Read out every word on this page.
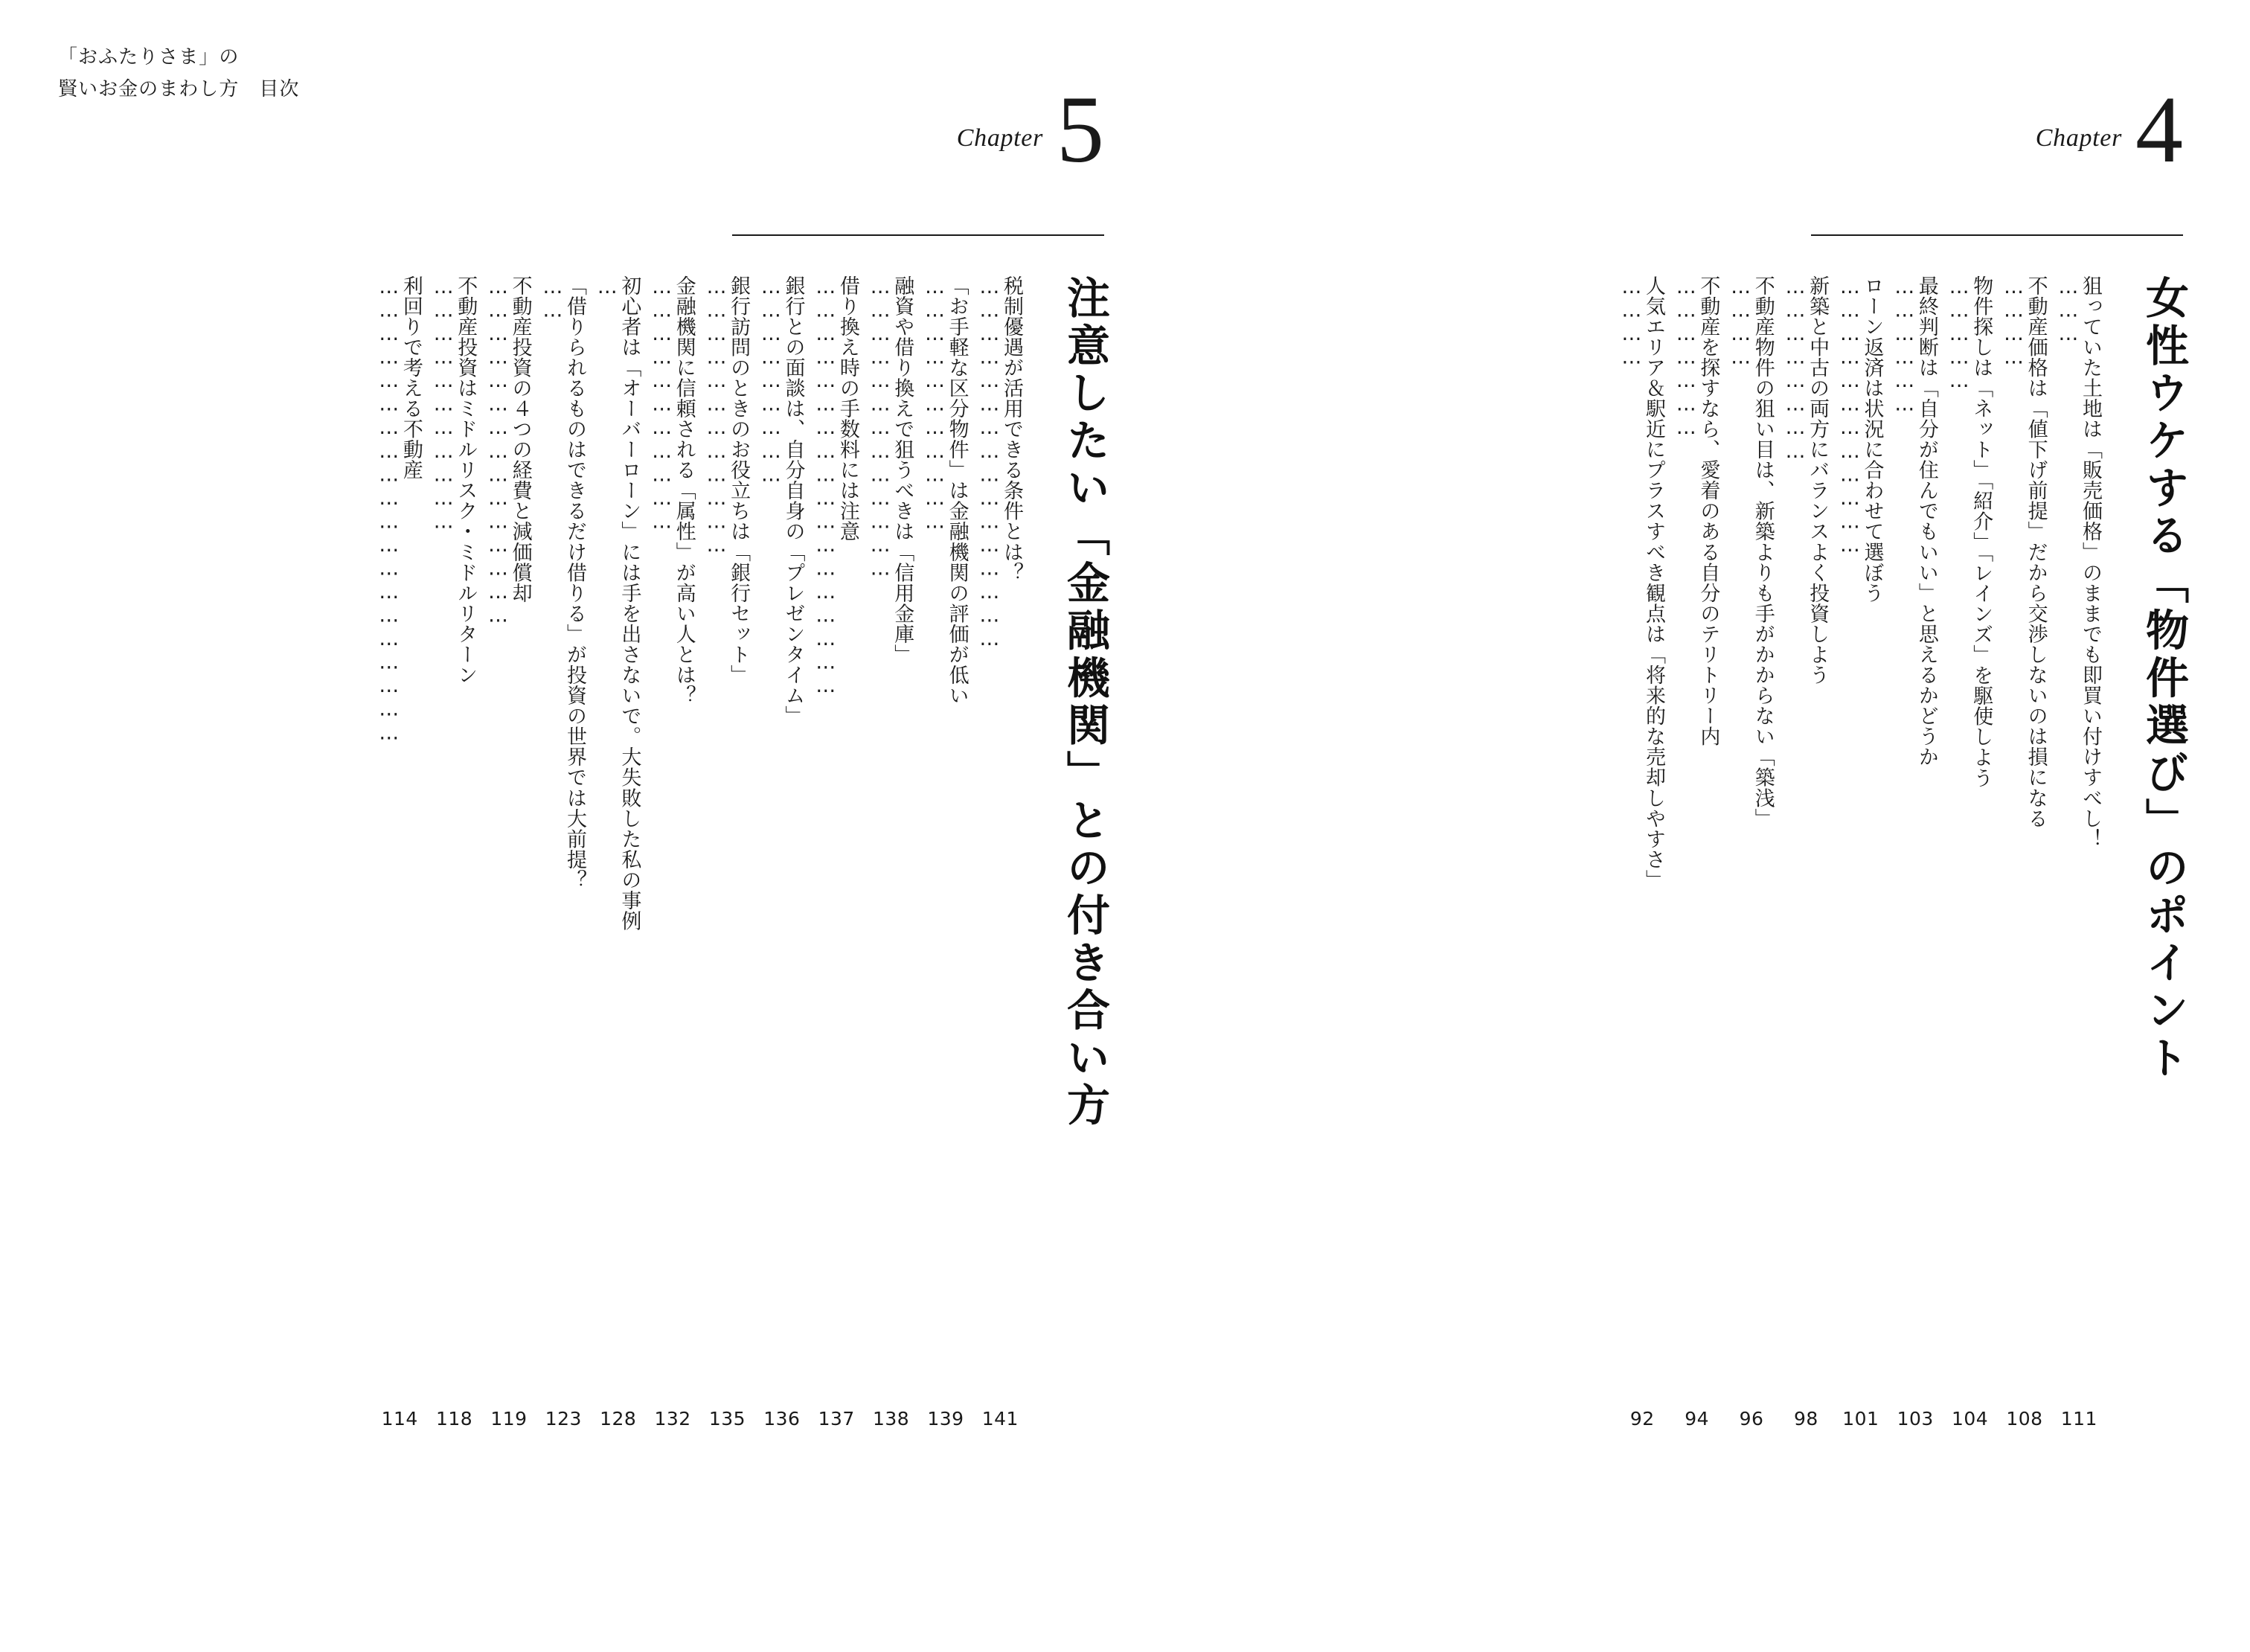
「おふたりさま」の
賢いお金のまわし方　目次
Chapter 4
女性ウケする「物件選び」のポイント
人気エリア＆駅近にプラスすべき観点は「将来的な売却しやすさ」
…………
92
不動産を探すなら、愛着のある自分のテリトリー内
…………………
94
不動産物件の狙い目は、新築よりも手がかからない「築浅」
…………
96
新築と中古の両方にバランスよく投資しよう
……………………
98
ローン返済は状況に合わせて選ぼう
………………………………
101
最終判断は「自分が住んでもいい」と思えるかどうか
………………
103
物件探しは「ネット」「紹介」「レインズ」を駆使しよう
……………
104
不動産価格は「値下げ前提」だから交渉しないのは損になる
…………
108
狙っていた土地は「販売価格」のままでも即買い付けすべし！
………
111
Chapter 5
注意したい「金融機関」との付き合い方
利回りで考える不動産
……………………………………………………
114
不動産投資はミドルリスク・ミドルリターン
……………………………
118
不動産投資の４つの経費と減価償却
………………………………………
119
「借りられるものはできるだけ借りる」が投資の世界では大前提？
……
123
初心者は「オーバーローン」には手を出さないで。大失敗した私の事例
…
128
金融機関に信頼される「属性」が高い人とは？
……………………………
132
銀行訪問のときのお役立ちは「銀行セット」
………………………………
135
銀行との面談は、自分自身の「プレゼンタイム」
………………………
136
借り換え時の手数料には注意
………………………………………………
137
融資や借り換えで狙うべきは「信用金庫」
…………………………………
138
「お手軽な区分物件」は金融機関の評価が低い
……………………………
139
税制優遇が活用できる条件とは？
…………………………………………
141
